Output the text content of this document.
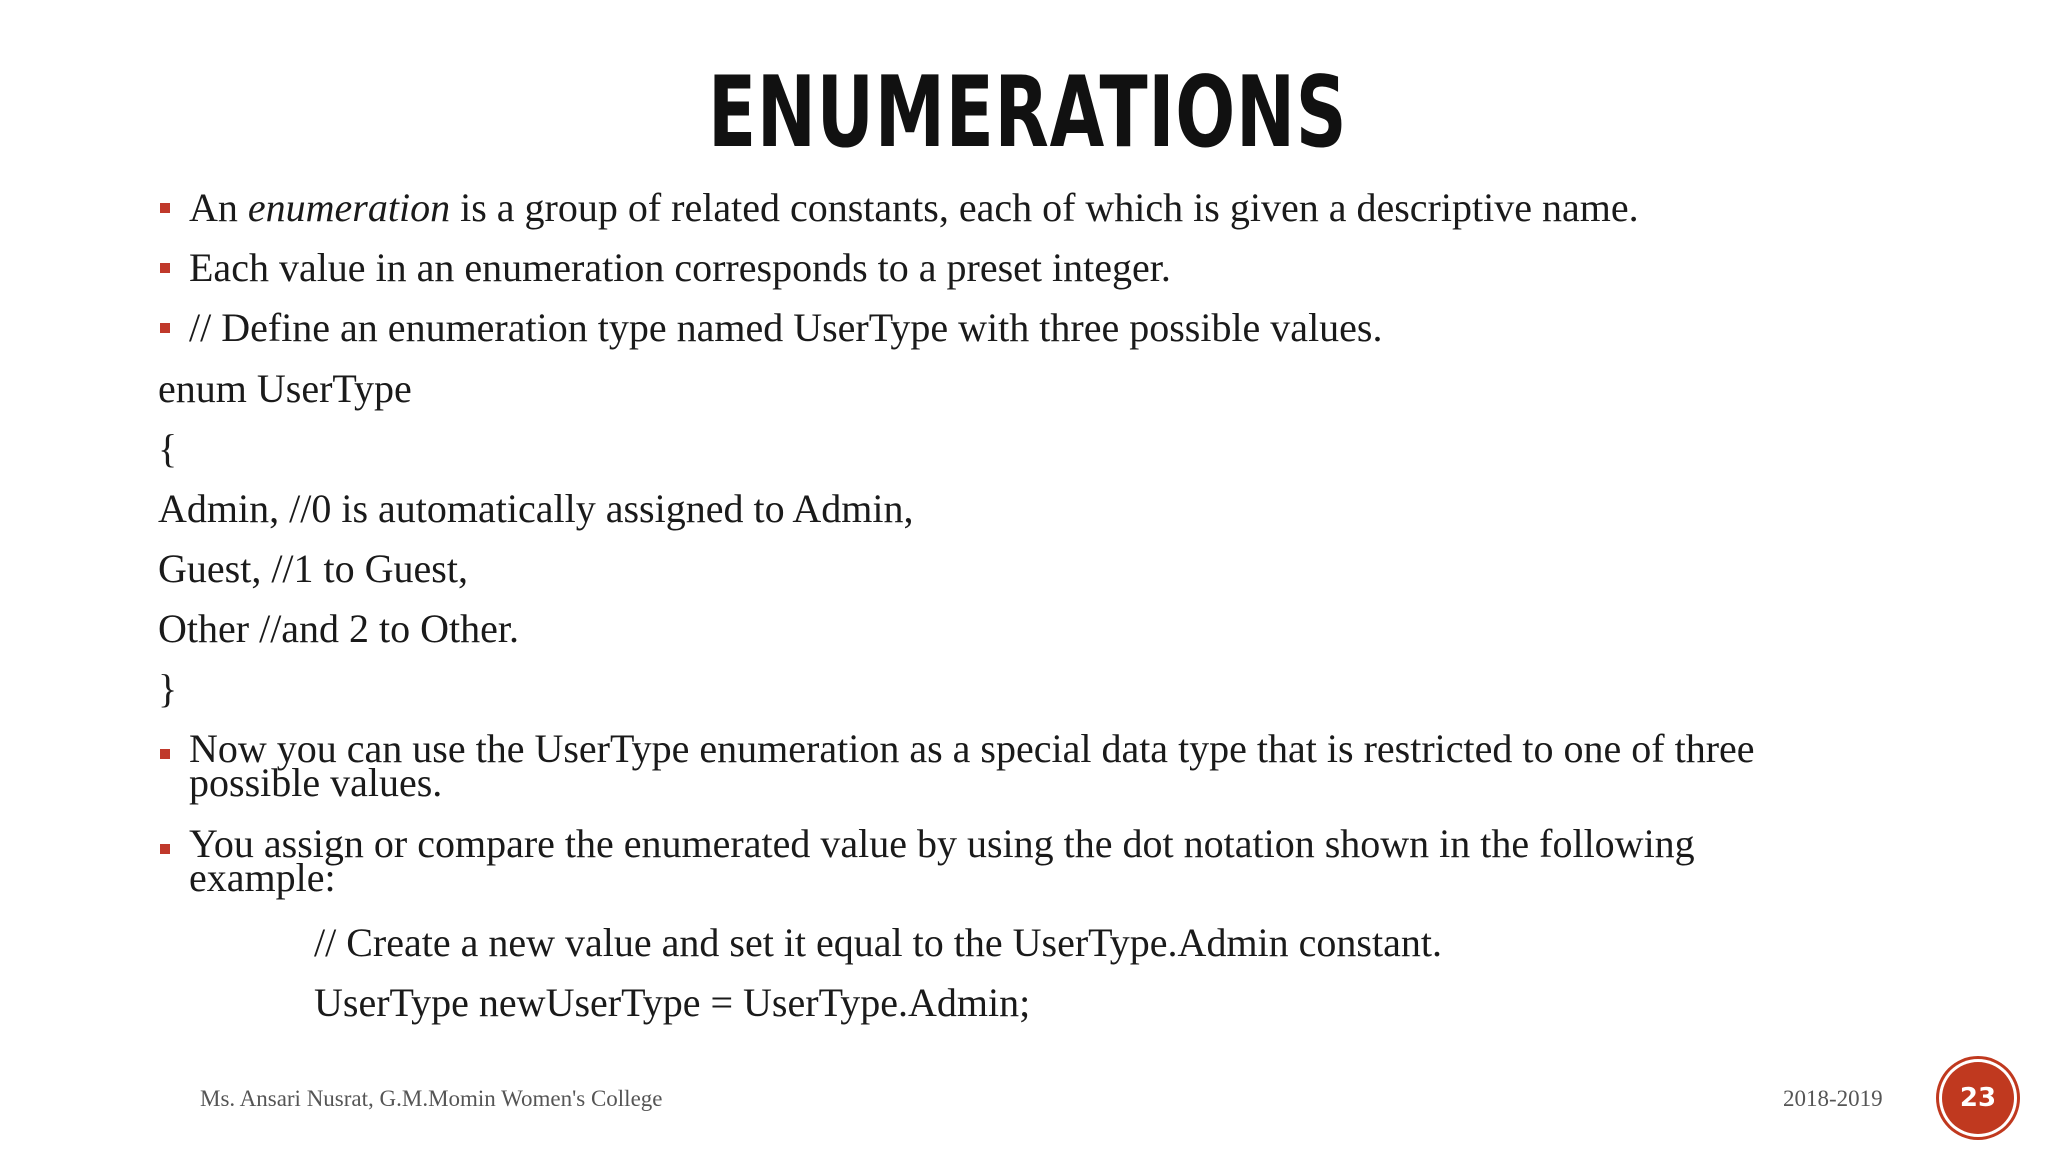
ENUMERATIONS
An enumeration is a group of related constants, each of which is given a descriptive name.
Each value in an enumeration corresponds to a preset integer.
// Define an enumeration type named UserType with three possible values.
enum UserType
{
Admin, //0 is automatically assigned to Admin,
Guest, //1 to Guest,
Other //and 2 to Other.
}
Now you can use the UserType enumeration as a special data type that is restricted to one of three possible values.
You assign or compare the enumerated value by using the dot notation shown in the following example:
// Create a new value and set it equal to the UserType.Admin constant.
UserType newUserType = UserType.Admin;
Ms. Ansari Nusrat, G.M.Momin Women's College	2018-2019	23
